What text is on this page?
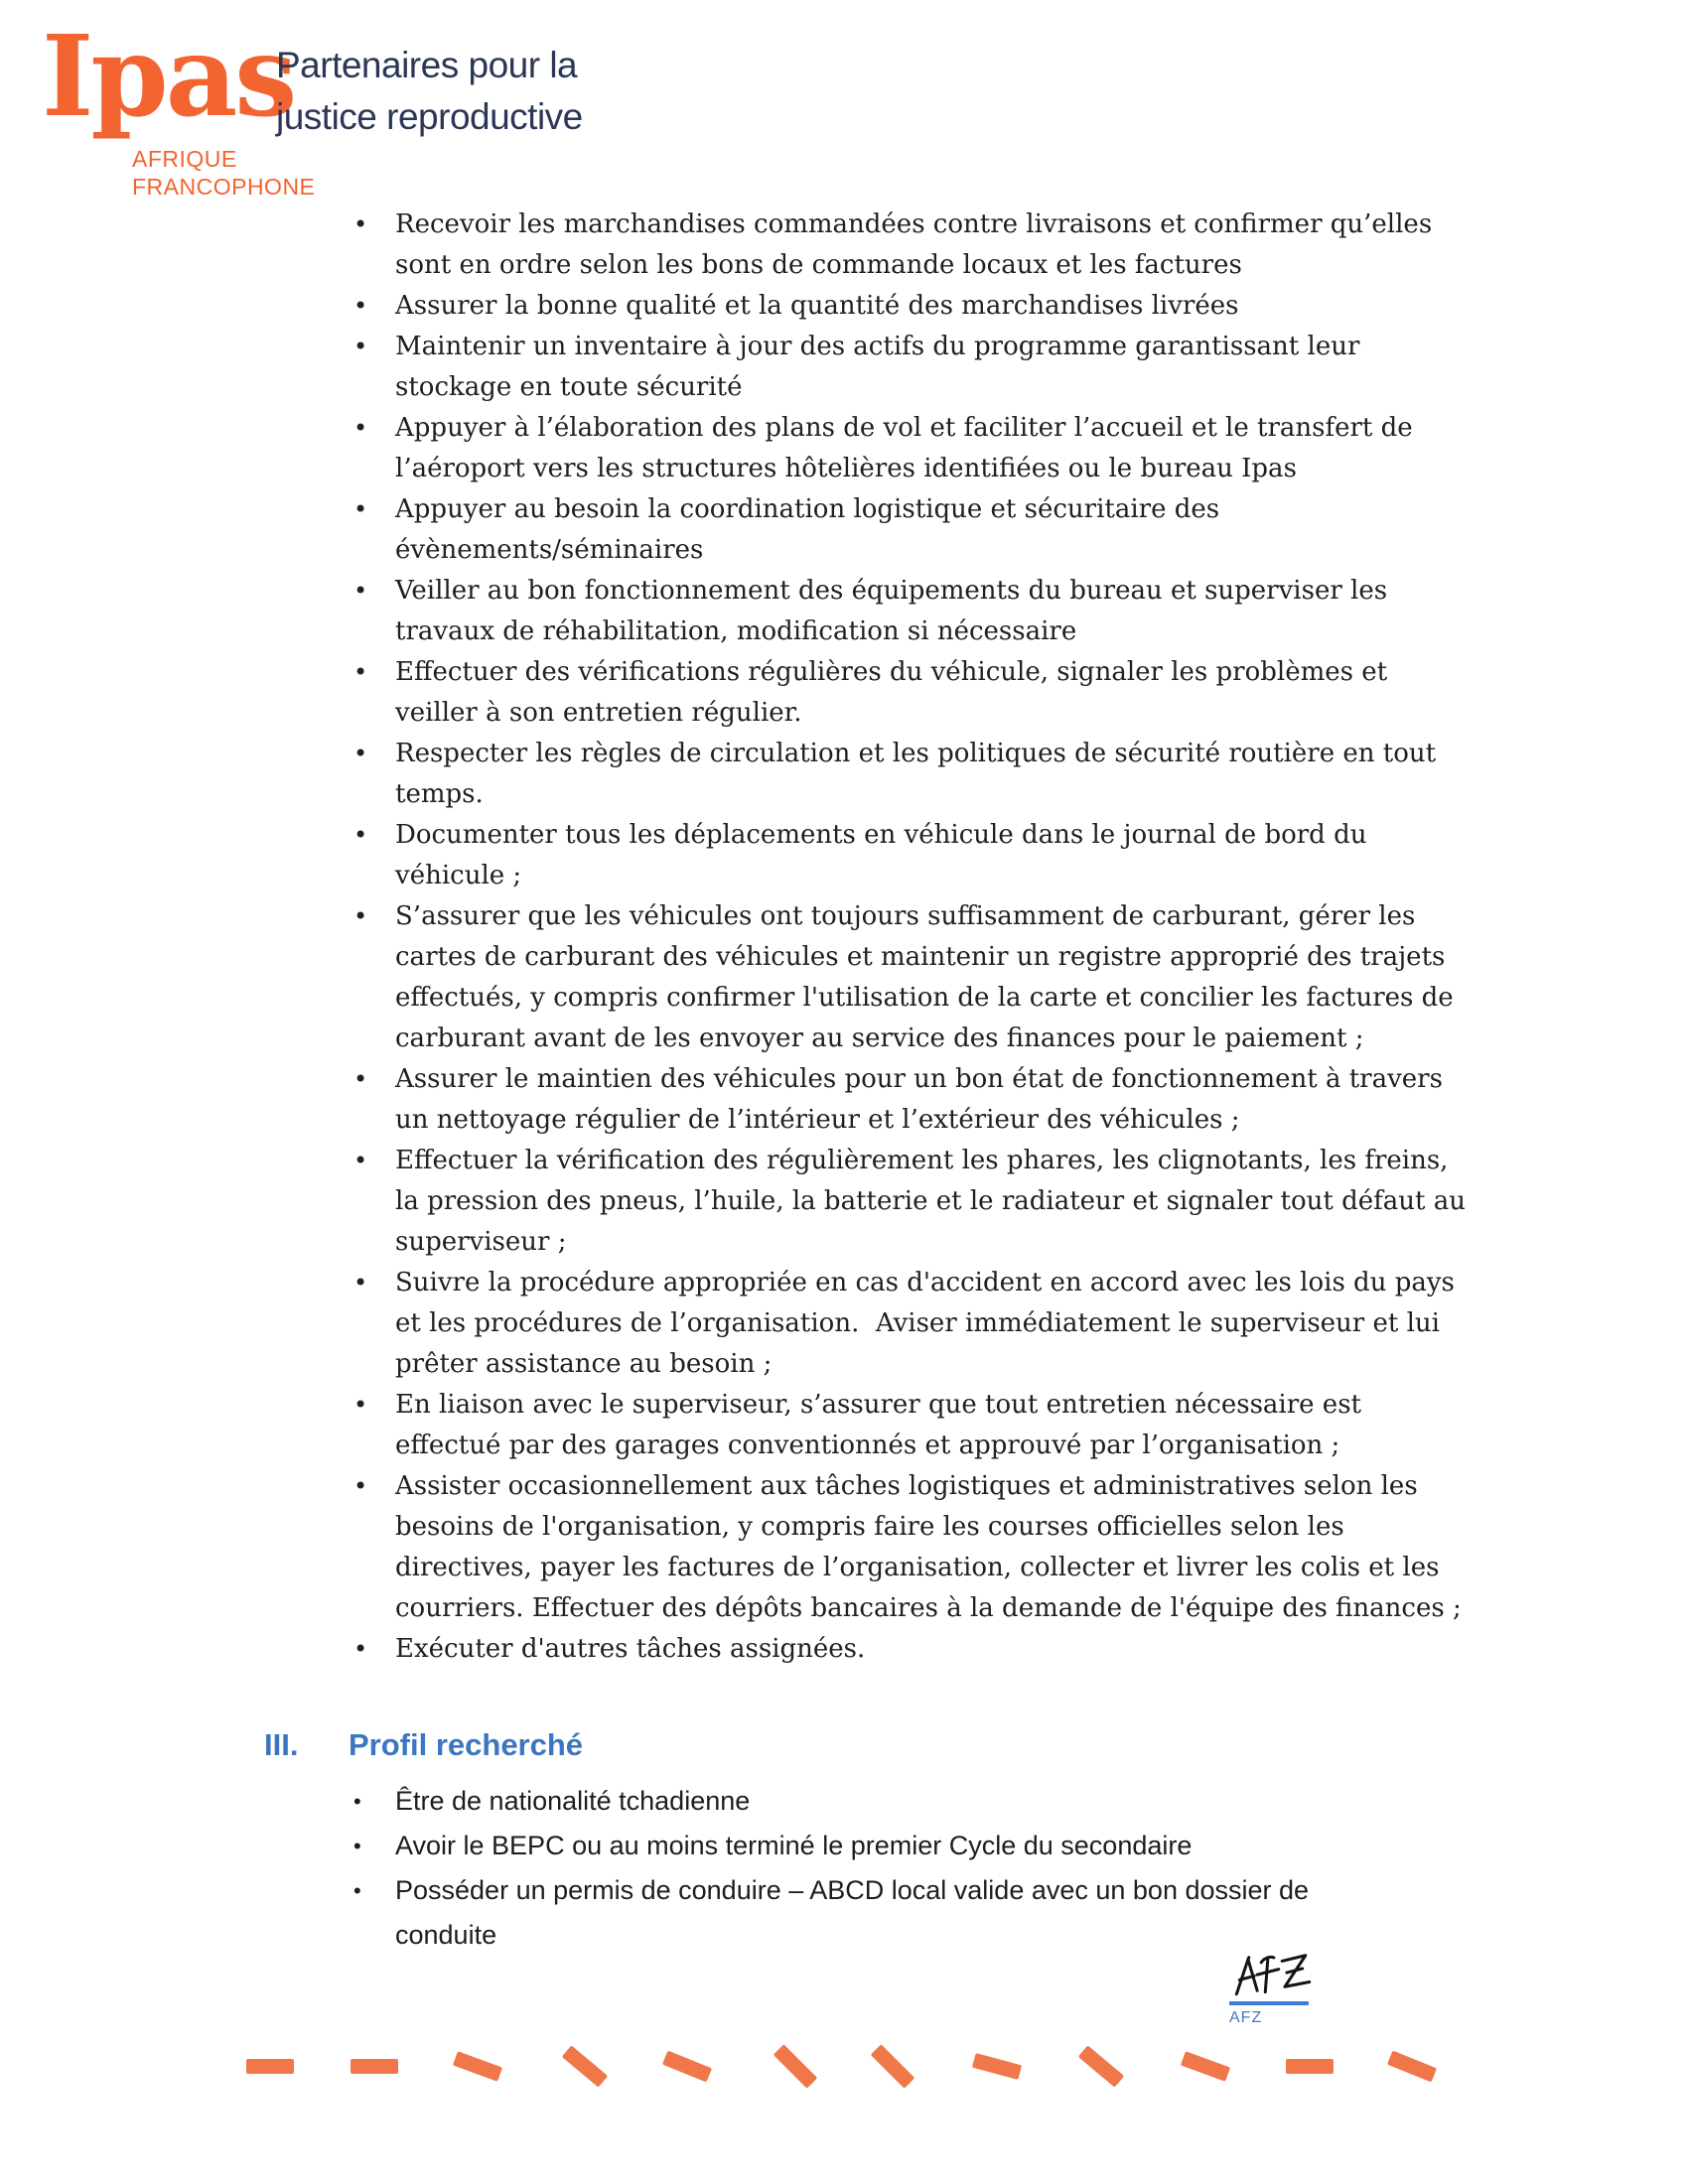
Ipas
AFRIQUE
FRANCOPHONE
Partenaires pour la
justice reproductive
•	Recevoir les marchandises commandées contre livraisons et confirmer qu’elles
sont en ordre selon les bons de commande locaux et les factures
•	Assurer la bonne qualité et la quantité des marchandises livrées
•	Maintenir un inventaire à jour des actifs du programme garantissant leur
stockage en toute sécurité
•	Appuyer à l’élaboration des plans de vol et faciliter l’accueil et le transfert de
l’aéroport vers les structures hôtelières identifiées ou le bureau Ipas
•	Appuyer au besoin la coordination logistique et sécuritaire des
évènements/séminaires
•	Veiller au bon fonctionnement des équipements du bureau et superviser les
travaux de réhabilitation, modification si nécessaire
•	Effectuer des vérifications régulières du véhicule, signaler les problèmes et
veiller à son entretien régulier.
•	Respecter les règles de circulation et les politiques de sécurité routière en tout
temps.
•	Documenter tous les déplacements en véhicule dans le journal de bord du
véhicule ;
•	S’assurer que les véhicules ont toujours suffisamment de carburant, gérer les
cartes de carburant des véhicules et maintenir un registre approprié des trajets
effectués, y compris confirmer l'utilisation de la carte et concilier les factures de
carburant avant de les envoyer au service des finances pour le paiement ;
•	Assurer le maintien des véhicules pour un bon état de fonctionnement à travers
un nettoyage régulier de l’intérieur et l’extérieur des véhicules ;
•	Effectuer la vérification des régulièrement les phares, les clignotants, les freins,
la pression des pneus, l’huile, la batterie et le radiateur et signaler tout défaut au
superviseur ;
•	Suivre la procédure appropriée en cas d'accident en accord avec les lois du pays
et les procédures de l’organisation.  Aviser immédiatement le superviseur et lui
prêter assistance au besoin ;
•	En liaison avec le superviseur, s’assurer que tout entretien nécessaire est
effectué par des garages conventionnés et approuvé par l’organisation ;
•	Assister occasionnellement aux tâches logistiques et administratives selon les
besoins de l'organisation, y compris faire les courses officielles selon les
directives, payer les factures de l’organisation, collecter et livrer les colis et les
courriers. Effectuer des dépôts bancaires à la demande de l'équipe des finances ;
•	Exécuter d'autres tâches assignées.
III.	Profil recherché
•	Être de nationalité tchadienne
•	Avoir le BEPC ou au moins terminé le premier Cycle du secondaire
•	Posséder un permis de conduire – ABCD local valide avec un bon dossier de
conduite
AFZ
